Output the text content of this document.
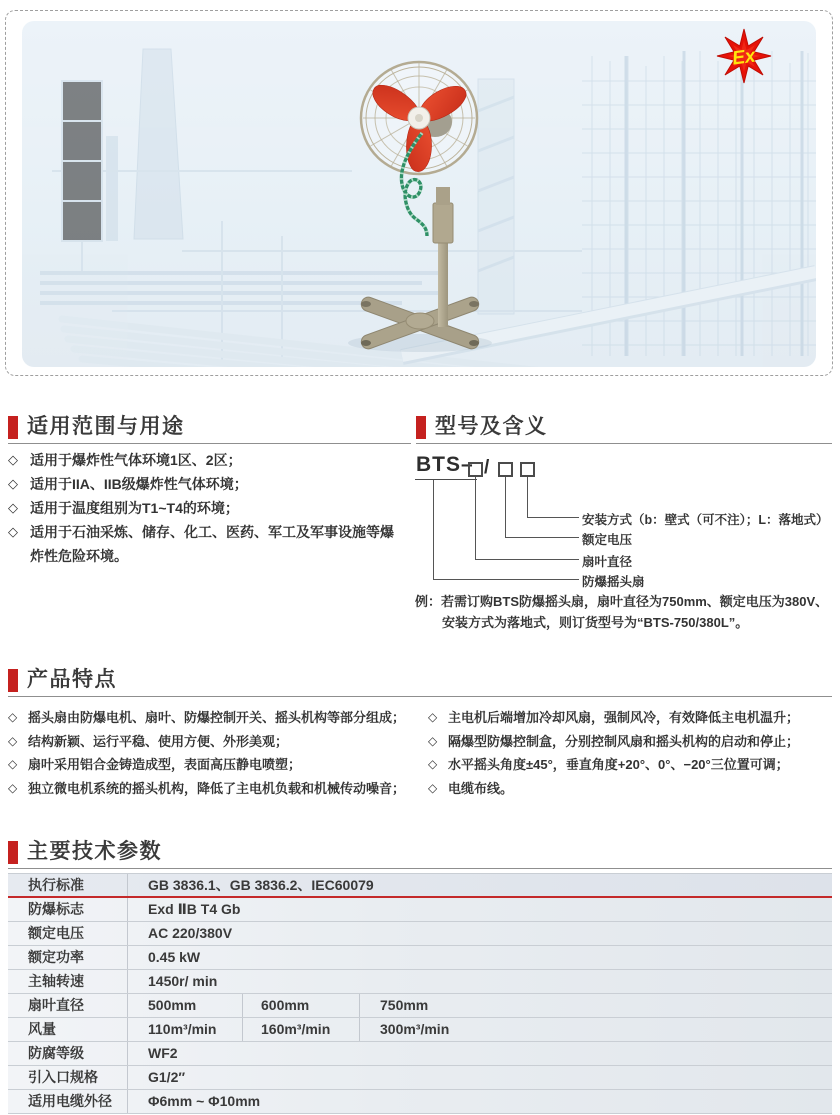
Ex
适用范围与用途
◇ 适用于爆炸性气体环境1区、2区；
◇ 适用于IIA、IIB级爆炸性气体环境；
◇ 适用于温度组别为T1~T4的环境；
◇ 适用于石油采炼、储存、化工、医药、军工及军事设施等爆炸性危险环境。
型号及含义
BTS– /
安装方式（b：壁式（可不注）；L：落地式）
额定电压
扇叶直径
防爆摇头扇
例：若需订购BTS防爆摇头扇，扇叶直径为750mm、额定电压为380V、
安装方式为落地式，则订货型号为“BTS-750/380L”。
产品特点
◇ 摇头扇由防爆电机、扇叶、防爆控制开关、摇头机构等部分组成；
◇ 结构新颖、运行平稳、使用方便、外形美观；
◇ 扇叶采用铝合金铸造成型，表面高压静电喷塑；
◇ 独立微电机系统的摇头机构，降低了主电机负载和机械传动噪音；
◇ 主电机后端增加冷却风扇，强制风冷，有效降低主电机温升；
◇ 隔爆型防爆控制盒，分别控制风扇和摇头机构的启动和停止；
◇ 水平摇头角度±45°，垂直角度+20°、0°、−20°三位置可调；
◇ 电缆布线。
主要技术参数
执行标准	GB 3836.1、GB 3836.2、IEC60079
防爆标志	Exd ⅡB T4 Gb
额定电压	AC 220/380V
额定功率	0.45 kW
主轴转速	1450r/ min
扇叶直径	500mm	600mm	750mm
风量	110m³/min	160m³/min	300m³/min
防腐等级	WF2
引入口规格	G1/2″
适用电缆外径	Φ6mm ~ Φ10mm
